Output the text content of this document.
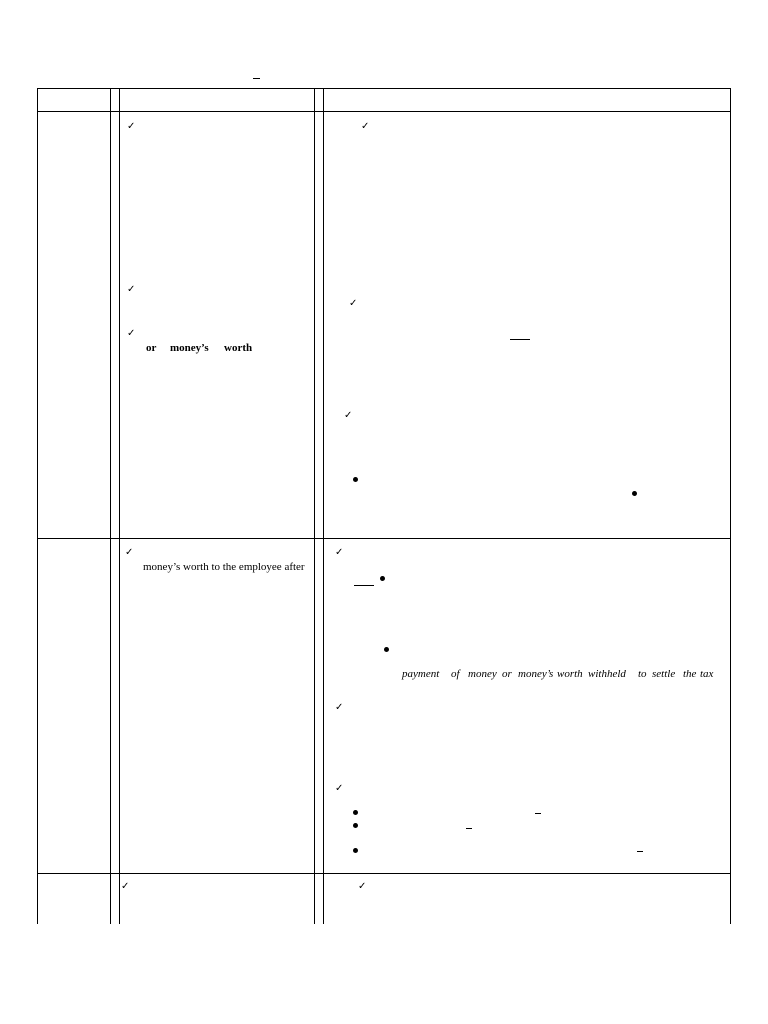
✓
✓
✓
or money’s worth
✓
✓
✓
✓
money’s worth to the employee after
✓
payment of money or money’s worth withheld to settle the tax
✓
✓
✓	✓
